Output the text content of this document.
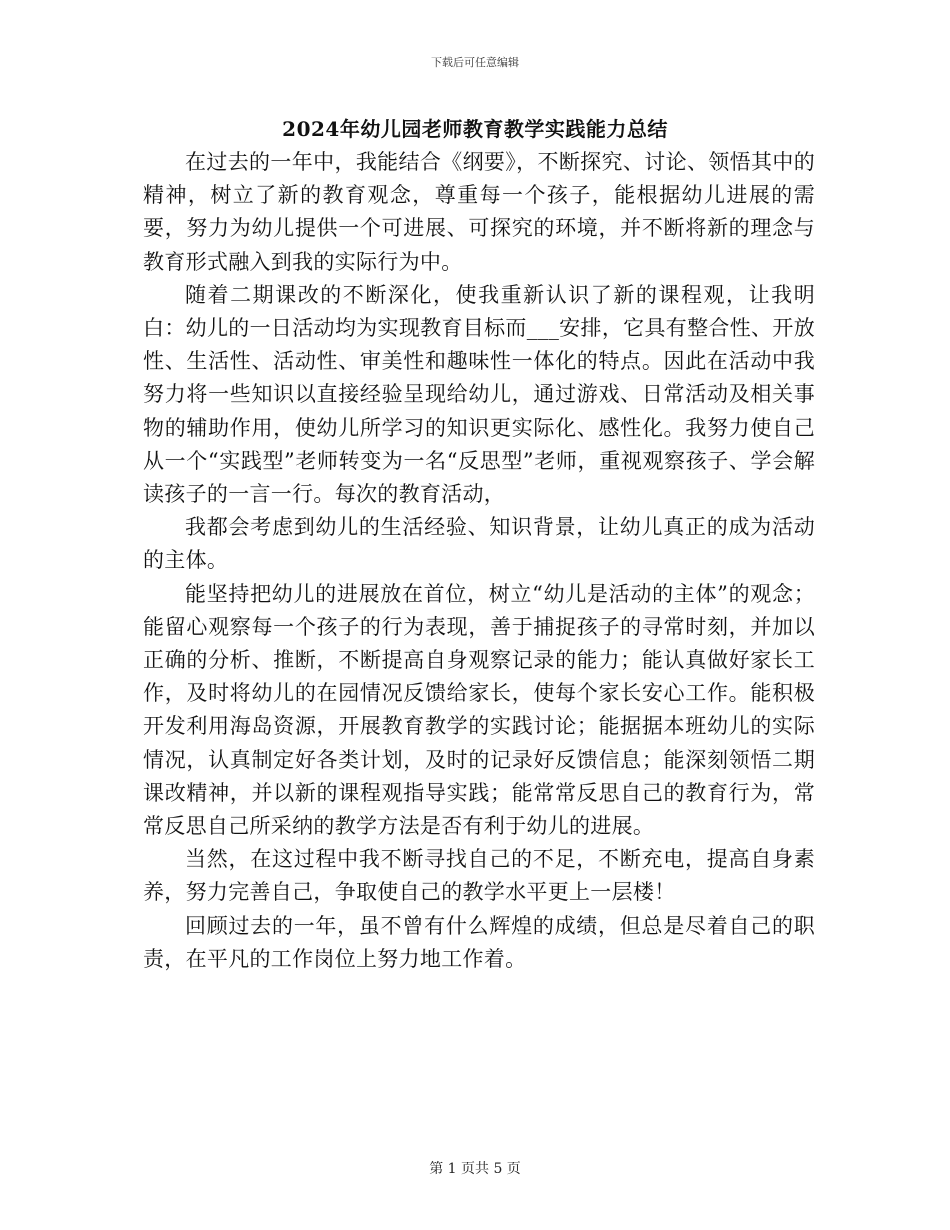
下载后可任意编辑
2024年幼儿园老师教育教学实践能力总结

在过去的一年中，我能结合《纲要》，不断探究、讨论、领悟其中的精神，树立了新的教育观念，尊重每一个孩子，能根据幼儿进展的需要，努力为幼儿提供一个可进展、可探究的环境，并不断将新的理念与教育形式融入到我的实际行为中。

随着二期课改的不断深化，使我重新认识了新的课程观，让我明白：幼儿的一日活动均为实现教育目标而___安排，它具有整合性、开放性、生活性、活动性、审美性和趣味性一体化的特点。因此在活动中我努力将一些知识以直接经验呈现给幼儿，通过游戏、日常活动及相关事物的辅助作用，使幼儿所学习的知识更实际化、感性化。我努力使自己从一个“实践型”老师转变为一名“反思型”老师，重视观察孩子、学会解读孩子的一言一行。每次的教育活动，

我都会考虑到幼儿的生活经验、知识背景，让幼儿真正的成为活动的主体。

能坚持把幼儿的进展放在首位，树立“幼儿是活动的主体”的观念；能留心观察每一个孩子的行为表现，善于捕捉孩子的寻常时刻，并加以正确的分析、推断，不断提高自身观察记录的能力；能认真做好家长工作，及时将幼儿的在园情况反馈给家长，使每个家长安心工作。能积极开发利用海岛资源，开展教育教学的实践讨论；能据据本班幼儿的实际情况，认真制定好各类计划，及时的记录好反馈信息；能深刻领悟二期课改精神，并以新的课程观指导实践；能常常反思自己的教育行为，常常反思自己所采纳的教学方法是否有利于幼儿的进展。

当然，在这过程中我不断寻找自己的不足，不断充电，提高自身素养，努力完善自己，争取使自己的教学水平更上一层楼！

回顾过去的一年，虽不曾有什么辉煌的成绩，但总是尽着自己的职责，在平凡的工作岗位上努力地工作着。

第 1 页共 5 页
